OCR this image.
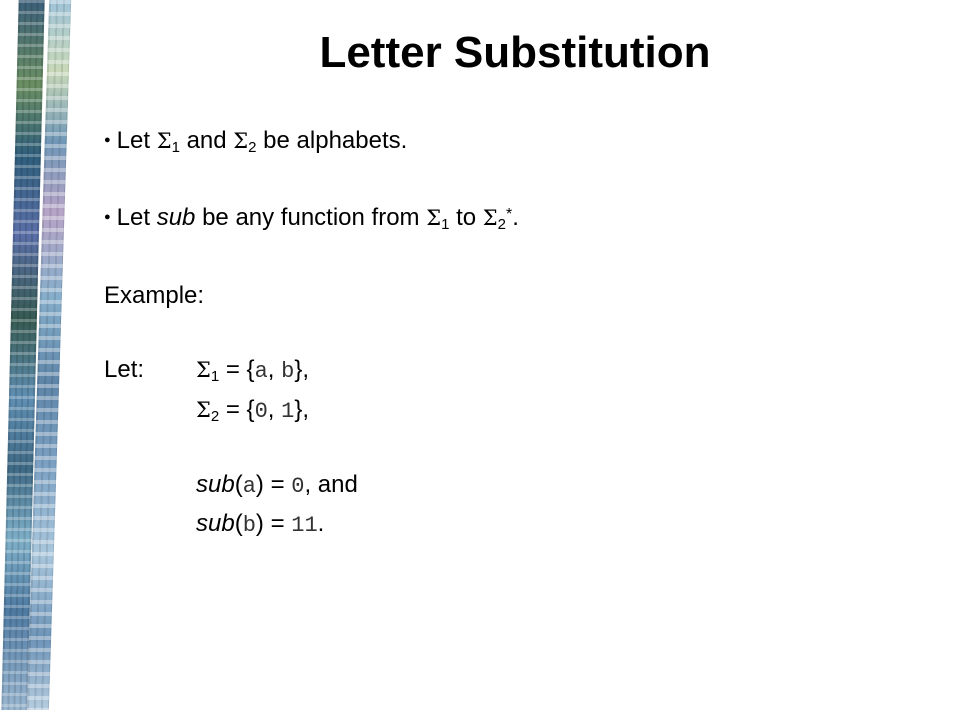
Letter Substitution
● Let $\Sigma_1$ and $\Sigma_2$ be alphabets.
● Let sub be any function from $\Sigma_1$ to $\Sigma_2^*$.
Example:
Let: $\Sigma_1 = \{a$, b},
$\Sigma_2 = \{0$, 1},
sub(a) = 0, and
sub(b) = 11.
